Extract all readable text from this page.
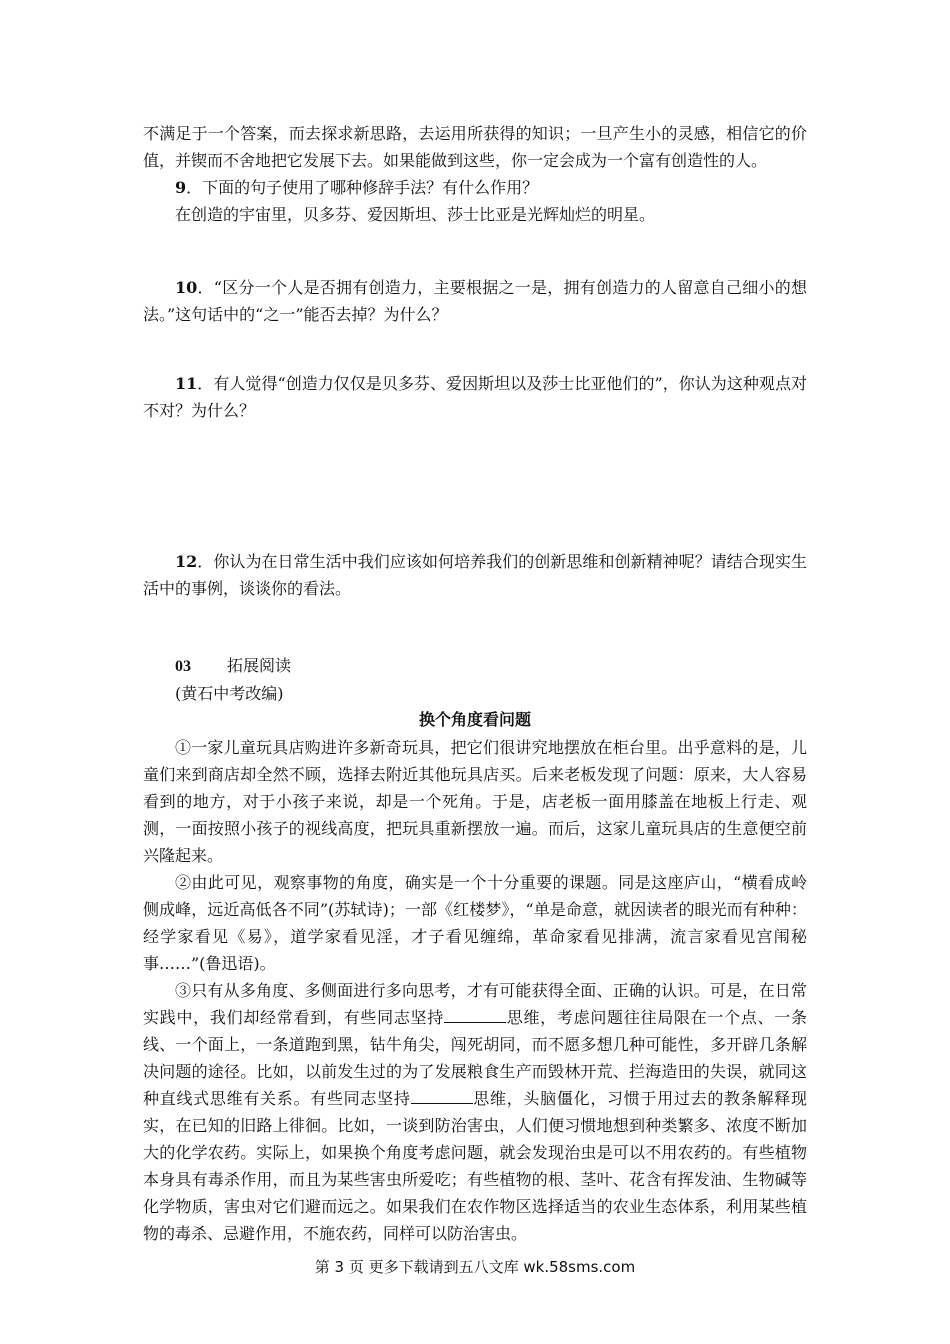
不满足于一个答案，而去探求新思路，去运用所获得的知识；一旦产生小的灵感，相信它的价值，并锲而不舍地把它发展下去。如果能做到这些，你一定会成为一个富有创造性的人。

9．下面的句子使用了哪种修辞手法？有什么作用？

在创造的宇宙里，贝多芬、爱因斯坦、莎士比亚是光辉灿烂的明星。

10．“区分一个人是否拥有创造力，主要根据之一是，拥有创造力的人留意自己细小的想法。”这句话中的“之一”能否去掉？为什么？

11．有人觉得“创造力仅仅是贝多芬、爱因斯坦以及莎士比亚他们的”，你认为这种观点对不对？为什么？

12．你认为在日常生活中我们应该如何培养我们的创新思维和创新精神呢？请结合现实生活中的事例，谈谈你的看法。

03 拓展阅读

(黄石中考改编)

换个角度看问题

①一家儿童玩具店购进许多新奇玩具，把它们很讲究地摆放在柜台里。出乎意料的是，儿童们来到商店却全然不顾，选择去附近其他玩具店买。后来老板发现了问题：原来，大人容易看到的地方，对于小孩子来说，却是一个死角。于是，店老板一面用膝盖在地板上行走、观测，一面按照小孩子的视线高度，把玩具重新摆放一遍。而后，这家儿童玩具店的生意便空前兴隆起来。

②由此可见，观察事物的角度，确实是一个十分重要的课题。同是这座庐山，“横看成岭侧成峰，远近高低各不同”(苏轼诗)；一部《红楼梦》，“单是命意，就因读者的眼光而有种种：经学家看见《易》，道学家看见淫，才子看见缠绵，革命家看见排满，流言家看见宫闱秘事……”(鲁迅语)。

③只有从多角度、多侧面进行多向思考，才有可能获得全面、正确的认识。可是，在日常实践中，我们却经常看到，有些同志坚持	思维，考虑问题往往局限在一个点、一条线、一个面上，一条道跑到黑，钻牛角尖，闯死胡同，而不愿多想几种可能性，多开辟几条解决问题的途径。比如，以前发生过的为了发展粮食生产而毁林开荒、拦海造田的失误，就同这种直线式思维有关系。有些同志坚持	思维，头脑僵化，习惯于用过去的教条解释现实，在已知的旧路上徘徊。比如，一谈到防治害虫，人们便习惯地想到种类繁多、浓度不断加大的化学农药。实际上，如果换个角度考虑问题，就会发现治虫是可以不用农药的。有些植物本身具有毒杀作用，而且为某些害虫所爱吃；有些植物的根、茎叶、花含有挥发油、生物碱等化学物质，害虫对它们避而远之。如果我们在农作物区选择适当的农业生态体系，利用某些植物的毒杀、忌避作用，不施农药，同样可以防治害虫。

第 3 页 更多下载请到五八文库 wk.58sms.com
